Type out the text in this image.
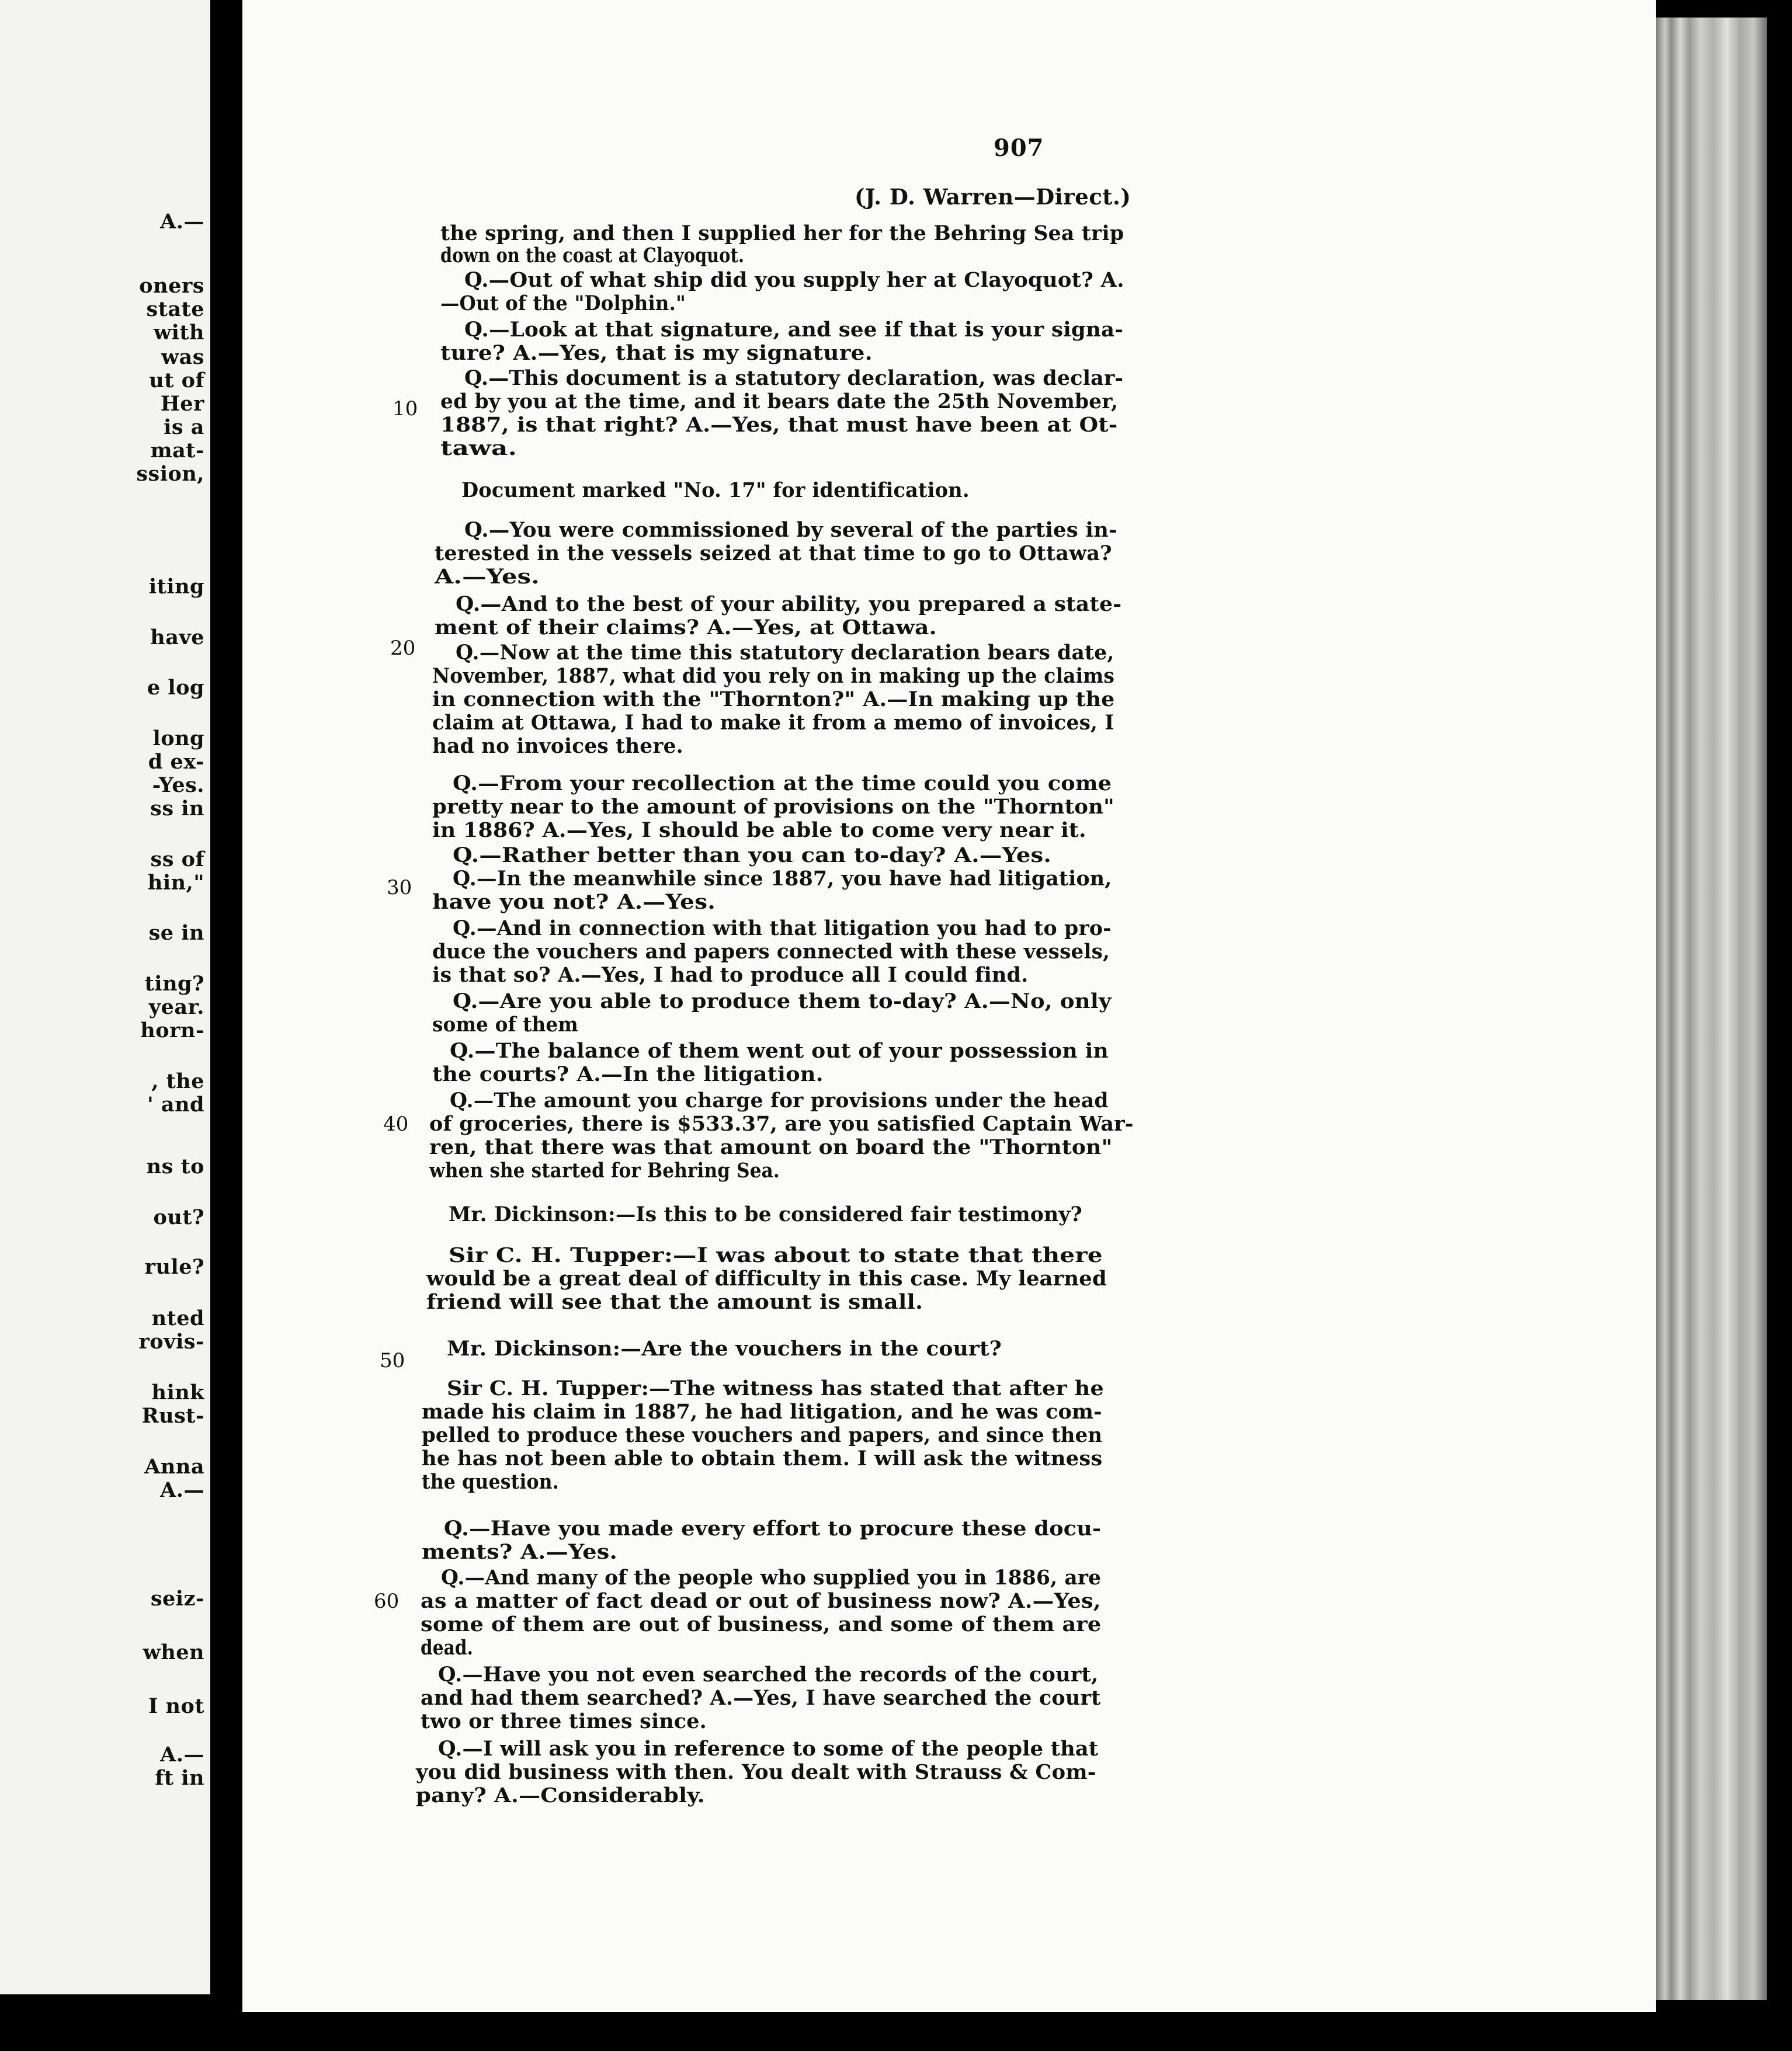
A.—
oners
state
with
was
ut of
Her
is a
mat-
ssion,
iting
have
e log
long
d ex-
-Yes.
ss in
ss of
hin,"
se in
ting?
year.
horn-
, the
' and
ns to
out?
rule?
nted
rovis-
hink
Rust-
Anna
A.—
seiz-
when
I not
A.—
ft in
907
(J. D. Warren—Direct.)
the spring, and then I supplied her for the Behring Sea trip
down on the coast at Clayoquot.
Q.—Out of what ship did you supply her at Clayoquot? A.
—Out of the "Dolphin."
Q.—Look at that signature, and see if that is your signa-
ture? A.—Yes, that is my signature.
Q.—This document is a statutory declaration, was declar-
ed by you at the time, and it bears date the 25th November,
1887, is that right? A.—Yes, that must have been at Ot-
tawa.
Document marked "No. 17" for identification.
Q.—You were commissioned by several of the parties in-
terested in the vessels seized at that time to go to Ottawa?
A.—Yes.
Q.—And to the best of your ability, you prepared a state-
ment of their claims? A.—Yes, at Ottawa.
Q.—Now at the time this statutory declaration bears date,
November, 1887, what did you rely on in making up the claims
in connection with the "Thornton?" A.—In making up the
claim at Ottawa, I had to make it from a memo of invoices, I
had no invoices there.
Q.—From your recollection at the time could you come
pretty near to the amount of provisions on the "Thornton"
in 1886? A.—Yes, I should be able to come very near it.
Q.—Rather better than you can to-day? A.—Yes.
Q.—In the meanwhile since 1887, you have had litigation,
have you not? A.—Yes.
Q.—And in connection with that litigation you had to pro-
duce the vouchers and papers connected with these vessels,
is that so? A.—Yes, I had to produce all I could find.
Q.—Are you able to produce them to-day? A.—No, only
some of them
Q.—The balance of them went out of your possession in
the courts? A.—In the litigation.
Q.—The amount you charge for provisions under the head
of groceries, there is $533.37, are you satisfied Captain War-
ren, that there was that amount on board the "Thornton"
when she started for Behring Sea.
Mr. Dickinson:—Is this to be considered fair testimony?
Sir C. H. Tupper:—I was about to state that there
would be a great deal of difficulty in this case. My learned
friend will see that the amount is small.
Mr. Dickinson:—Are the vouchers in the court?
Sir C. H. Tupper:—The witness has stated that after he
made his claim in 1887, he had litigation, and he was com-
pelled to produce these vouchers and papers, and since then
he has not been able to obtain them. I will ask the witness
the question.
Q.—Have you made every effort to procure these docu-
ments? A.—Yes.
Q.—And many of the people who supplied you in 1886, are
as a matter of fact dead or out of business now? A.—Yes,
some of them are out of business, and some of them are
dead.
Q.—Have you not even searched the records of the court,
and had them searched? A.—Yes, I have searched the court
two or three times since.
Q.—I will ask you in reference to some of the people that
you did business with then. You dealt with Strauss & Com-
pany? A.—Considerably.
10
20
30
40
50
60
